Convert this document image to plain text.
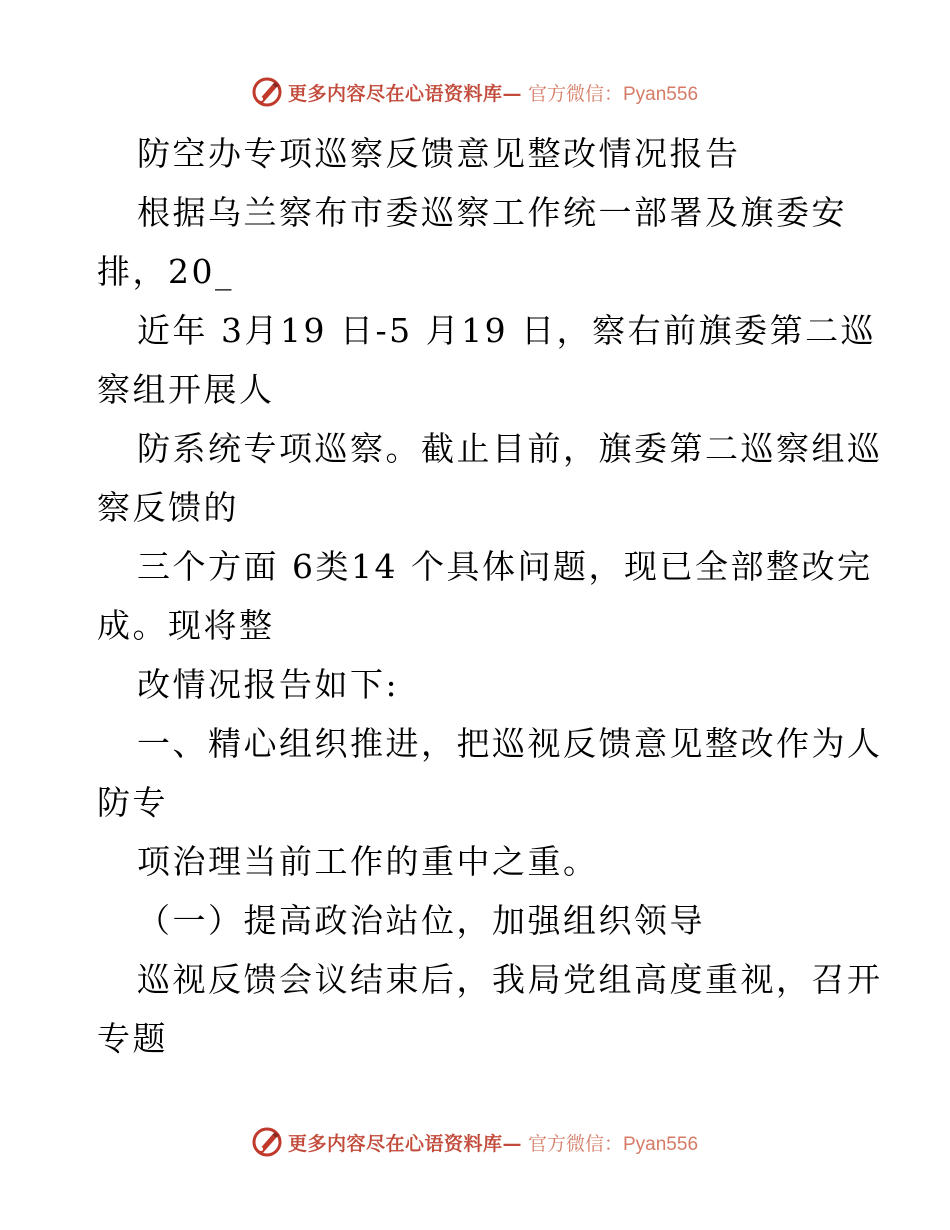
更多内容尽在心语资料库— 官方微信：Pyan556
防空办专项巡察反馈意见整改情况报告
根据乌兰察布市委巡察工作统一部署及旗委安
排，20_
近年 3月19 日-5 月19 日，察右前旗委第二巡
察组开展人
防系统专项巡察。截止目前，旗委第二巡察组巡
察反馈的
三个方面 6类14 个具体问题，现已全部整改完
成。现将整
改情况报告如下:
一、精心组织推进，把巡视反馈意见整改作为人
防专
项治理当前工作的重中之重。
（一）提高政治站位，加强组织领导
巡视反馈会议结束后，我局党组高度重视，召开
专题
更多内容尽在心语资料库— 官方微信：Pyan556
